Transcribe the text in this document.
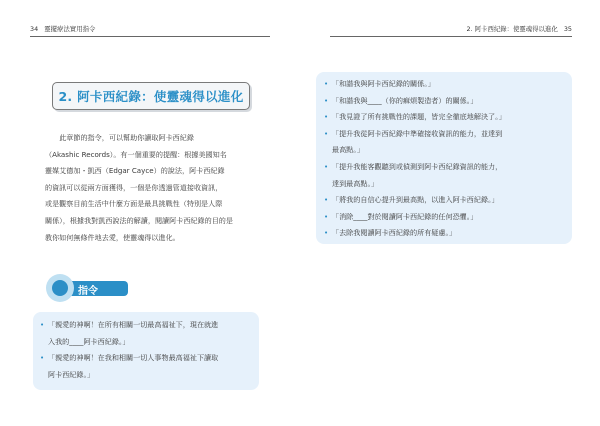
34 靈擺療法實用指令
2. 阿卡西紀錄：使靈魂得以進化
此章節的指令，可以幫助你讀取阿卡西紀錄
（Akashic Records）。有一個重要的提醒：根據美國知名
靈媒艾德加・凱西（Edgar Cayce）的說法，阿卡西紀錄
的資訊可以從兩方面獲得，一個是你透過管道接收資訊，
或是觀察目前生活中什麼方面是最具挑戰性（特別是人際
關係），根據我對凱西說法的解讀，閱讀阿卡西紀錄的目的是
教你如何無條件地去愛，使靈魂得以進化。
指令
• 「親愛的神啊！在所有相關一切最高福祉下，現在就進
入我的____阿卡西紀錄。」
• 「親愛的神啊！在我和相關一切人事物最高福祉下讀取
阿卡西紀錄。」
2. 阿卡西紀錄：使靈魂得以進化 35
• 「和諧我與阿卡西紀錄的關係。」
• 「和諧我與____（你的痲煩製造者）的關係。」
• 「我見證了所有挑戰性的課題，皆完全徹底地解決了。」
• 「提升我從阿卡西紀錄中準確接收資訊的能力，並達到
最高點。」
• 「提升我能客觀聽到或偵測到阿卡西紀錄資訊的能力，
達到最高點。」
• 「將我的自信心提升到最高點，以進入阿卡西紀錄。」
• 「消除____對於閱讀阿卡西紀錄的任何恐懼。」
• 「去除我閱讀阿卡西紀錄的所有疑慮。」
